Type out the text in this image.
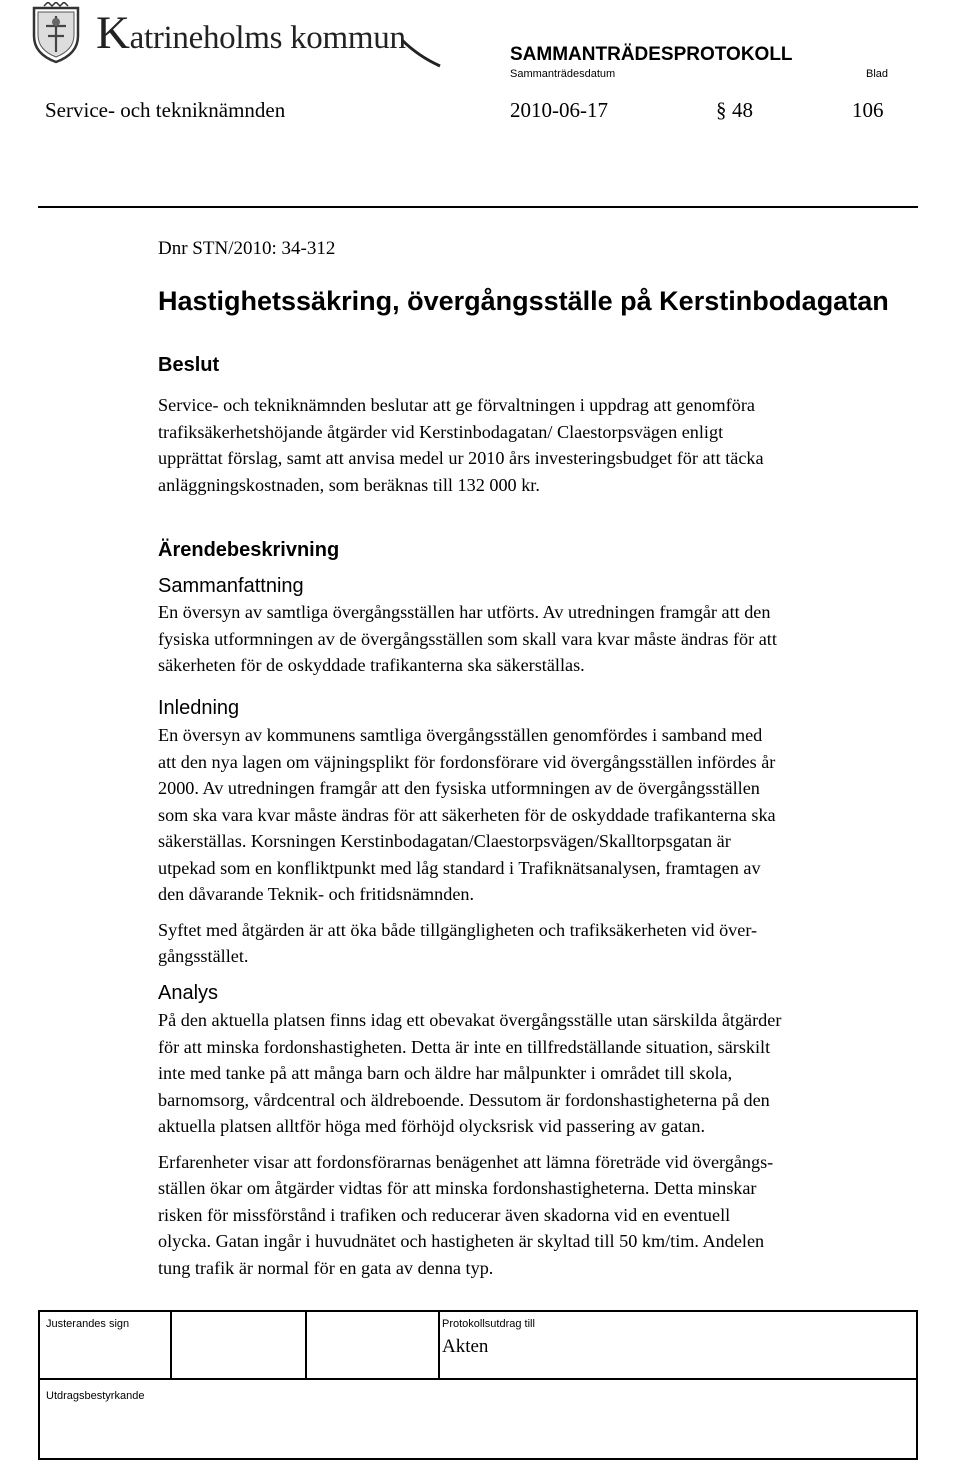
Katrineholms kommun	SAMMANTRÄDESPROTOKOLL
Sammanträdesdatum	Blad
Service- och tekniknämnden	2010-06-17	§ 48	106
Dnr STN/2010: 34-312
Hastighetssäkring, övergångsställe på Kerstinbodagatan
Beslut

Service- och tekniknämnden beslutar att ge förvaltningen i uppdrag att genomföra
trafiksäkerhetshöjande åtgärder vid Kerstinbodagatan/ Claestorpsvägen enligt
upprättat förslag, samt att anvisa medel ur 2010 års investeringsbudget för att täcka
anläggningskostnaden, som beräknas till 132 000 kr.

Ärendebeskrivning
Sammanfattning

En översyn av samtliga övergångsställen har utförts. Av utredningen framgår att den
fysiska utformningen av de övergångsställen som skall vara kvar måste ändras för att
säkerheten för de oskyddade trafikanterna ska säkerställas.

Inledning

En översyn av kommunens samtliga övergångsställen genomfördes i samband med
att den nya lagen om väjningsplikt för fordonsförare vid övergångsställen infördes år
2000. Av utredningen framgår att den fysiska utformningen av de övergångsställen
som ska vara kvar måste ändras för att säkerheten för de oskyddade trafikanterna ska
säkerställas. Korsningen Kerstinbodagatan/Claestorpsvägen/Skalltorpsgatan är
utpekad som en konfliktpunkt med låg standard i Trafiknätsanalysen, framtagen av
den dåvarande Teknik- och fritidsnämnden.

Syftet med åtgärden är att öka både tillgängligheten och trafiksäkerheten vid över-
gångsstället.

Analys

På den aktuella platsen finns idag ett obevakat övergångsställe utan särskilda åtgärder
för att minska fordonshastigheten. Detta är inte en tillfredställande situation, särskilt
inte med tanke på att många barn och äldre har målpunkter i området till skola,
barnomsorg, vårdcentral och äldreboende. Dessutom är fordonshastigheterna på den
aktuella platsen alltför höga med förhöjd olycksrisk vid passering av gatan.

Erfarenheter visar att fordonsförarnas benägenhet att lämna företräde vid övergångs-
ställen ökar om åtgärder vidtas för att minska fordonshastigheterna. Detta minskar
risken för missförstånd i trafiken och reducerar även skadorna vid en eventuell
olycka. Gatan ingår i huvudnätet och hastigheten är skyltad till 50 km/tim. Andelen
tung trafik är normal för en gata av denna typ.

Justerandes sign	Protokollsutdrag till
Akten
Utdragsbestyrkande
